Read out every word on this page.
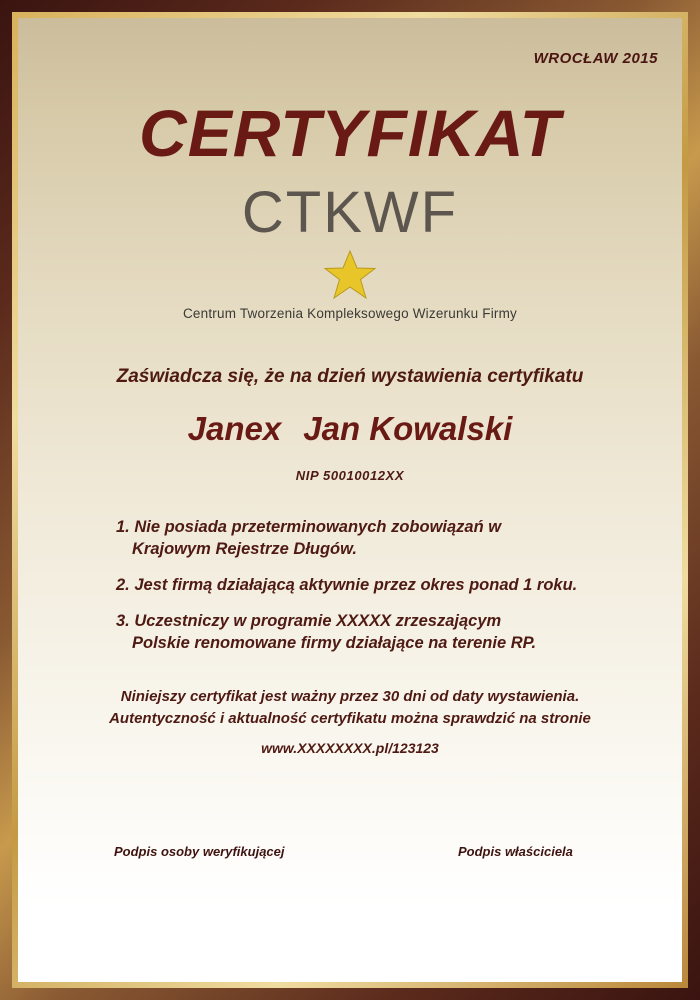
WROCŁAW 2015
CERTYFIKAT
CTKWF
Centrum Tworzenia Kompleksowego Wizerunku Firmy
Zaświadcza się, że na dzień wystawienia certyfikatu
Janex Jan Kowalski
NIP 50010012XX
1. Nie posiada przeterminowanych zobowiązań w
Krajowym Rejestrze Długów.
2. Jest firmą działającą aktywnie przez okres ponad 1 roku.
3. Uczestniczy w programie XXXXX zrzeszającym
Polskie renomowane firmy działające na terenie RP.
Niniejszy certyfikat jest ważny przez 30 dni od daty wystawienia.
Autentyczność i aktualność certyfikatu można sprawdzić na stronie
www.XXXXXXXX.pl/123123
Podpis osoby weryfikującej	Podpis właściciela
